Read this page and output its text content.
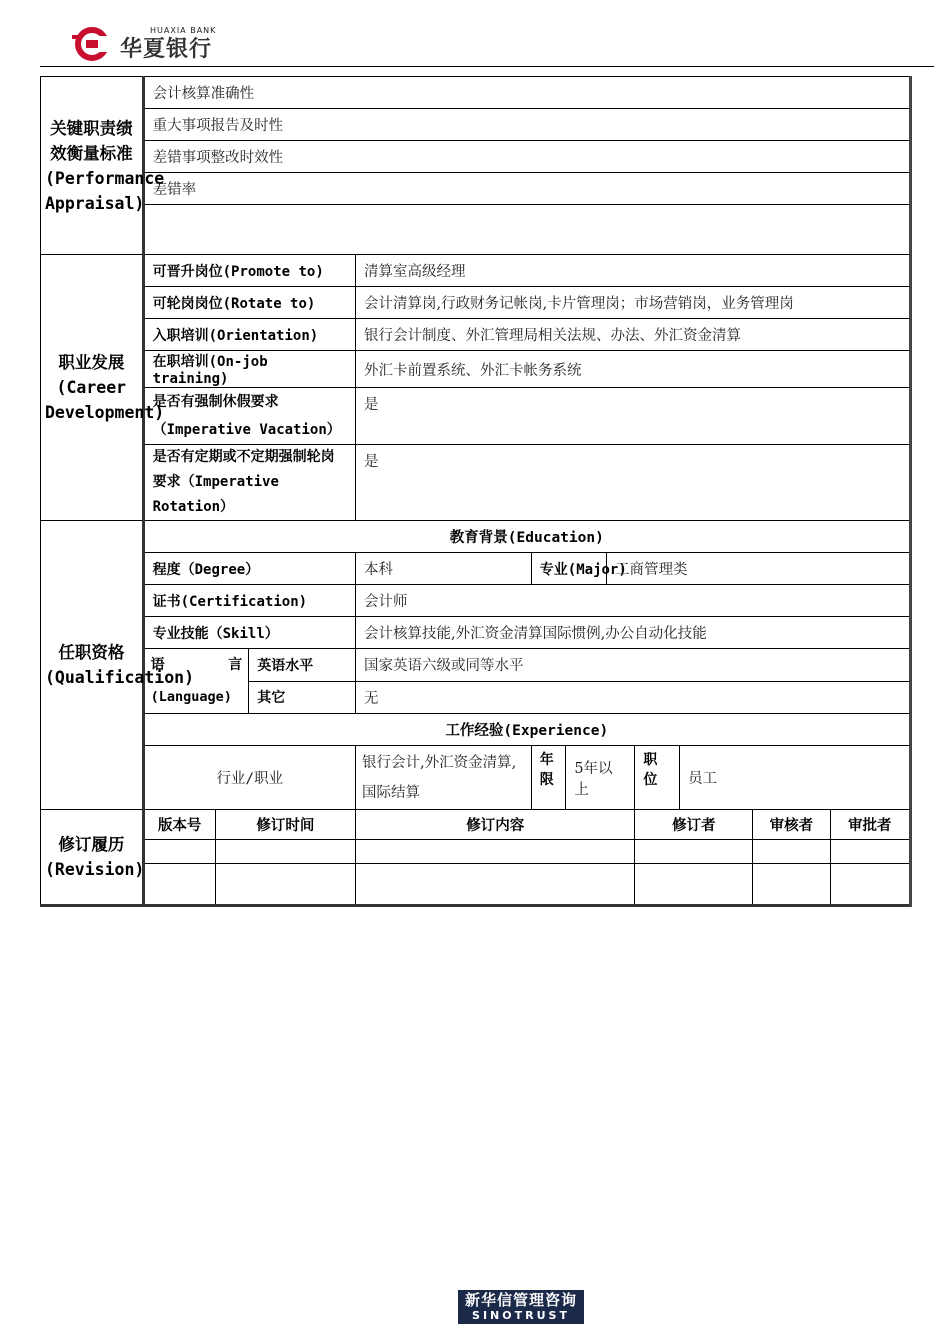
HUAXIA BANK
华夏银行
关键职责绩效衡量标准(Performance Appraisal)	会计核算准确性										
	重大事项报告及时性										
	差错事项整改时效性										
	差错率										

职业发展(Career Development)	可晋升岗位(Promote to)			清算室高级经理							
	可轮岗岗位(Rotate to)			会计清算岗,行政财务记帐岗,卡片管理岗；市场营销岗，业务管理岗							
	入职培训(Orientation)			银行会计制度、外汇管理局相关法规、办法、外汇资金清算							
	在职培训(On-job training)			外汇卡前置系统、外汇卡帐务系统							
	是否有强制休假要求（Imperative Vacation）			是							
	是否有定期或不定期强制轮岗要求（Imperative Rotation）			是							
任职资格(Qualification)	教育背景(Education)										
	程度（Degree）			本科	专业(Major)		工商管理类				
	证书(Certification)			会计师							
	专业技能（Skill）			会计核算技能,外汇资金清算国际惯例,办公自动化技能							

	语　　言
(Language)		英语水平	国家英语六级或同等水平							
			其它	无							
	工作经验(Experience)										
	行业/职业			银行会计,外汇资金清算,国际结算	年限	5年以上		职位	员工		
修订履历(Revision)	版本号	修订时间		修订内容				修订者		审核者	审批者

新华信管理咨询
SINOTRUST
